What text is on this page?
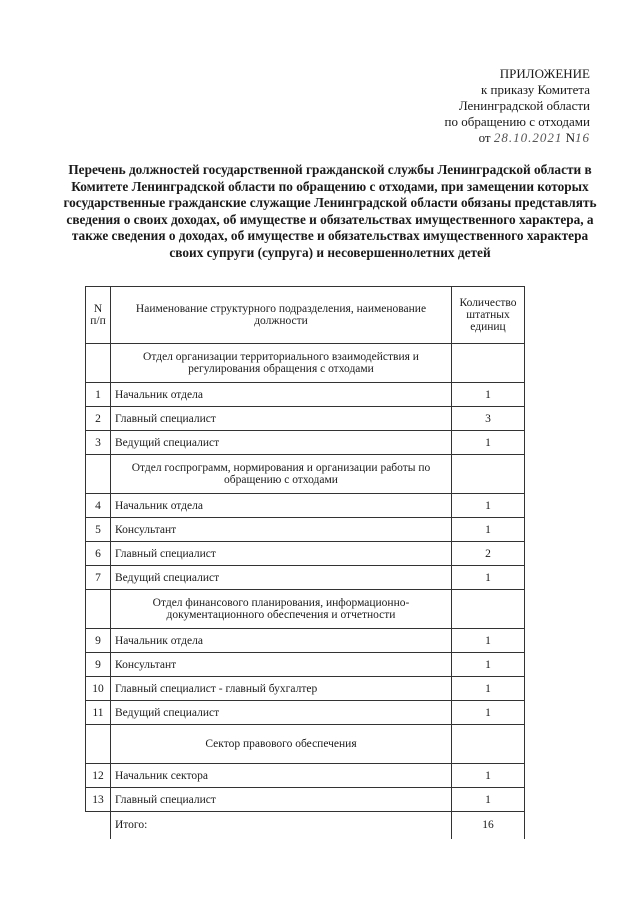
ПРИЛОЖЕНИЕ
к приказу Комитета
Ленинградской области
по обращению с отходами
от 28.10.2021 N16
Перечень должностей государственной гражданской службы Ленинградской области в Комитете Ленинградской области по обращению с отходами, при замещении которых государственные гражданские служащие Ленинградской области обязаны представлять сведения о своих доходах, об имуществе и обязательствах имущественного характера, а также сведения о доходах, об имуществе и обязательствах имущественного характера своих супруги (супруга) и несовершеннолетних детей
N п/п	Наименование структурного подразделения, наименование должности	Количество штатных единиц
	Отдел организации территориального взаимодействия и регулирования обращения с отходами	
1	Начальник отдела	1
2	Главный специалист	3
3	Ведущий специалист	1
	Отдел госпрограмм, нормирования и организации работы по обращению с отходами	
4	Начальник отдела	1
5	Консультант	1
6	Главный специалист	2
7	Ведущий специалист	1
	Отдел финансового планирования, информационно-документационного обеспечения и отчетности	
9	Начальник отдела	1
9	Консультант	1
10	Главный специалист - главный бухгалтер	1
11	Ведущий специалист	1
	Сектор правового обеспечения	
12	Начальник сектора	1
13	Главный специалист	1
	Итого:	16
